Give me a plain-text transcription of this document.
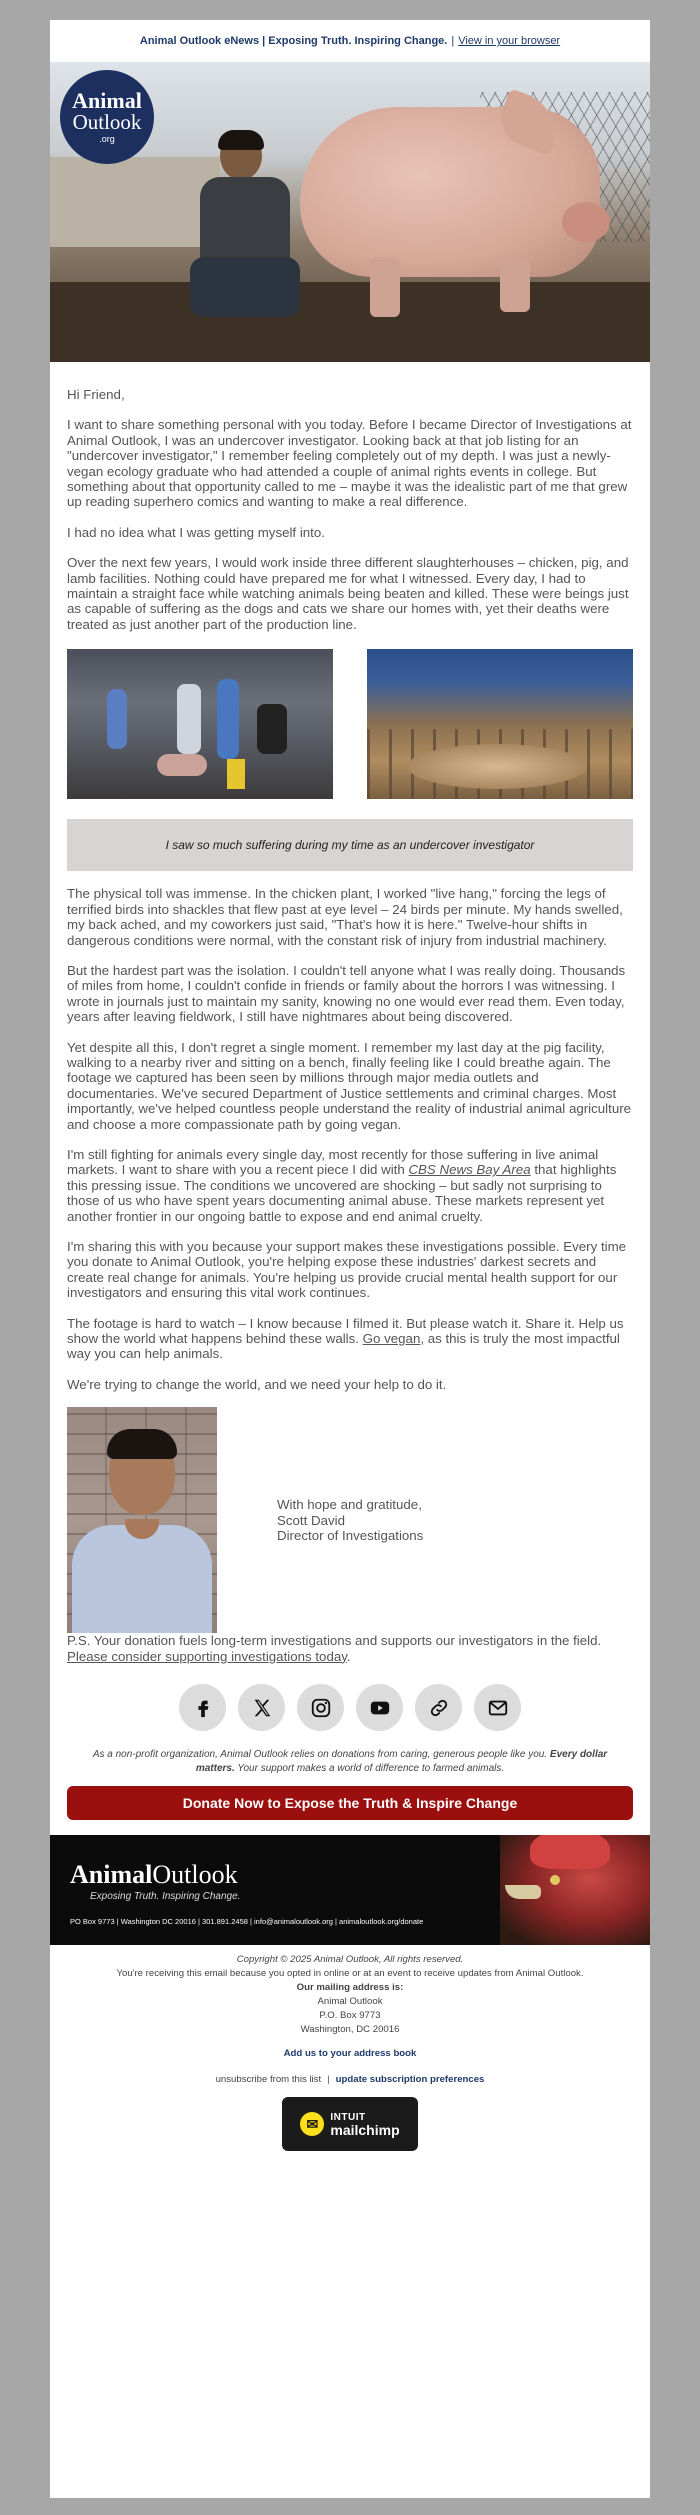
Animal Outlook eNews | Exposing Truth. Inspiring Change. | View in your browser
Animal
Outlook
.org

Hi Friend,

I want to share something personal with you today. Before I became Director of Investigations at Animal Outlook, I was an undercover investigator. Looking back at that job listing for an "undercover investigator," I remember feeling completely out of my depth. I was just a newly-vegan ecology graduate who had attended a couple of animal rights events in college. But something about that opportunity called to me – maybe it was the idealistic part of me that grew up reading superhero comics and wanting to make a real difference.

I had no idea what I was getting myself into.

Over the next few years, I would work inside three different slaughterhouses – chicken, pig, and lamb facilities. Nothing could have prepared me for what I witnessed. Every day, I had to maintain a straight face while watching animals being beaten and killed. These were beings just as capable of suffering as the dogs and cats we share our homes with, yet their deaths were treated as just another part of the production line.

I saw so much suffering during my time as an undercover investigator

The physical toll was immense. In the chicken plant, I worked "live hang," forcing the legs of terrified birds into shackles that flew past at eye level – 24 birds per minute. My hands swelled, my back ached, and my coworkers just said, "That's how it is here." Twelve-hour shifts in dangerous conditions were normal, with the constant risk of injury from industrial machinery.

But the hardest part was the isolation. I couldn't tell anyone what I was really doing. Thousands of miles from home, I couldn't confide in friends or family about the horrors I was witnessing. I wrote in journals just to maintain my sanity, knowing no one would ever read them. Even today, years after leaving fieldwork, I still have nightmares about being discovered.

Yet despite all this, I don't regret a single moment. I remember my last day at the pig facility, walking to a nearby river and sitting on a bench, finally feeling like I could breathe again. The footage we captured has been seen by millions through major media outlets and documentaries. We've secured Department of Justice settlements and criminal charges. Most importantly, we've helped countless people understand the reality of industrial animal agriculture and choose a more compassionate path by going vegan.

I'm still fighting for animals every single day, most recently for those suffering in live animal markets. I want to share with you a recent piece I did with CBS News Bay Area that highlights this pressing issue. The conditions we uncovered are shocking – but sadly not surprising to those of us who have spent years documenting animal abuse. These markets represent yet another frontier in our ongoing battle to expose and end animal cruelty.

I'm sharing this with you because your support makes these investigations possible. Every time you donate to Animal Outlook, you're helping expose these industries' darkest secrets and create real change for animals. You're helping us provide crucial mental health support for our investigators and ensuring this vital work continues.

The footage is hard to watch – I know because I filmed it. But please watch it. Share it. Help us show the world what happens behind these walls. Go vegan, as this is truly the most impactful way you can help animals.

We're trying to change the world, and we need your help to do it.

With hope and gratitude,
Scott David
Director of Investigations

P.S. Your donation fuels long-term investigations and supports our investigators in the field. Please consider supporting investigations today.

As a non-profit organization, Animal Outlook relies on donations from caring, generous people like you. Every dollar matters. Your support makes a world of difference to farmed animals.
Donate Now to Expose the Truth & Inspire Change
AnimalOutlook
Exposing Truth. Inspiring Change.
PO Box 9773 | Washington DC 20016 | 301.891.2458 | info@animaloutlook.org | animaloutlook.org/donate
Copyright © 2025 Animal Outlook, All rights reserved.
You're receiving this email because you opted in online or at an event to receive updates from Animal Outlook.
Our mailing address is:
Animal Outlook
P.O. Box 9773
Washington, DC 20016
Add us to your address book
unsubscribe from this list | update subscription preferences
✉	INTUIT
mailchimp
